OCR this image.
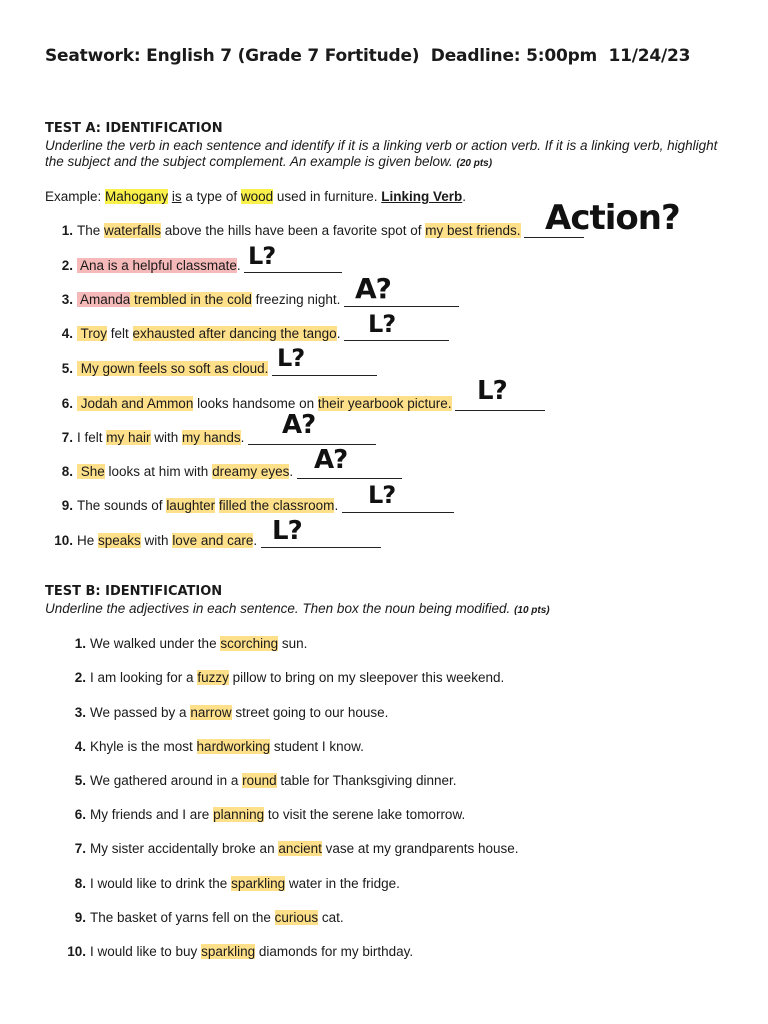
Seatwork: English 7 (Grade 7 Fortitude)  Deadline: 5:00pm  11/24/23
TEST A: IDENTIFICATION
Underline the verb in each sentence and identify if it is a linking verb or action verb. If it is a linking verb, highlight the subject and the subject complement. An example is given below. (20 pts)
Example: Mahogany is a type of wood used in furniture. Linking Verb.
1. The waterfalls above the hills have been a favorite spot of my best friends. Action?
2. Ana is a helpful classmate. L?
3. Amanda trembled in the cold freezing night. A?
4. Troy felt exhausted after dancing the tango. L?
5. My gown feels so soft as cloud. L?
6. Jodah and Ammon looks handsome on their yearbook picture. L?
7. I felt my hair with my hands.	A?
8. She looks at him with dreamy eyes. A?
9. The sounds of laughter filled the classroom.	L?
10. He speaks with love and care. L?
TEST B: IDENTIFICATION
Underline the adjectives in each sentence. Then box the noun being modified. (10 pts)
1. We walked under the scorching sun.
2. I am looking for a fuzzy pillow to bring on my sleepover this weekend.
3. We passed by a narrow street going to our house.
4. Khyle is the most hardworking student I know.
5. We gathered around in a round table for Thanksgiving dinner.
6. My friends and I are planning to visit the serene lake tomorrow.
7. My sister accidentally broke an ancient vase at my grandparents house.
8. I would like to drink the sparkling water in the fridge.
9. The basket of yarns fell on the curious cat.
10. I would like to buy sparkling diamonds for my birthday.
